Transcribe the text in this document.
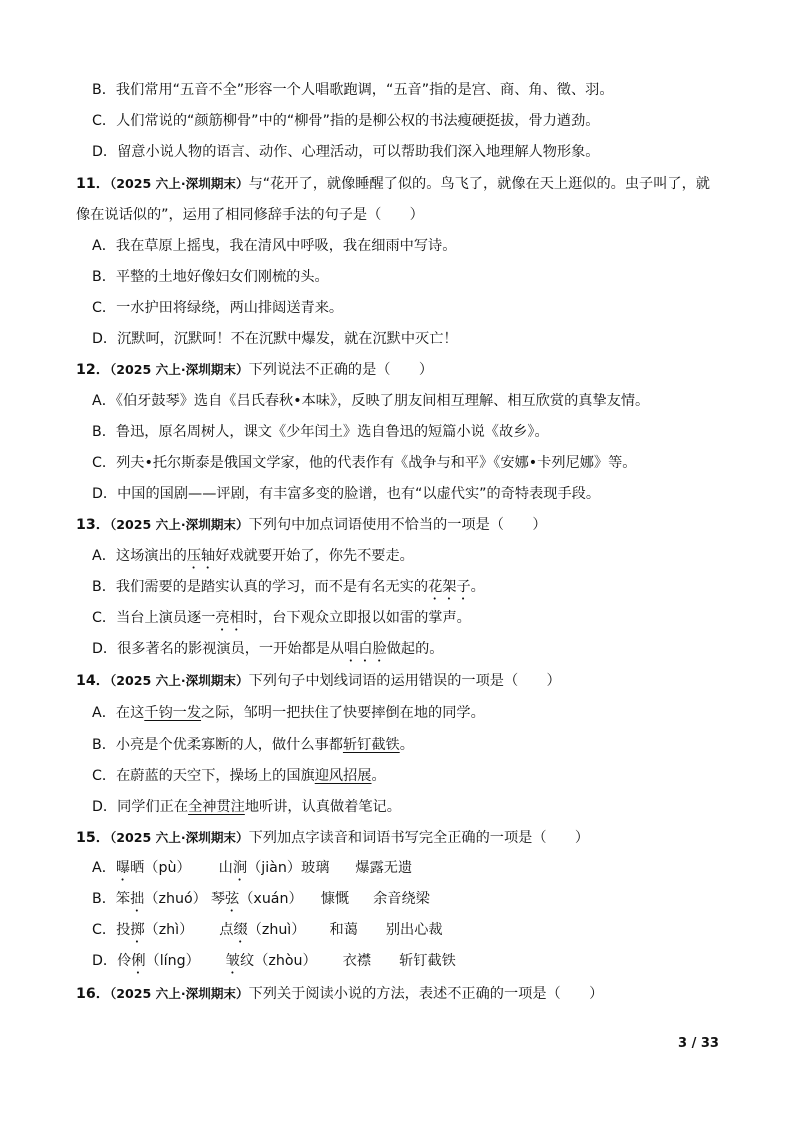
B．我们常用“五音不全”形容一个人唱歌跑调，“五音”指的是宫、商、角、徵、羽。
C．人们常说的“颜筋柳骨”中的“柳骨”指的是柳公权的书法瘦硬挺拔，骨力遒劲。
D．留意小说人物的语言、动作、心理活动，可以帮助我们深入地理解人物形象。
11．（2025 六上·深圳期末）与“花开了，就像睡醒了似的。鸟飞了，就像在天上逛似的。虫子叫了，就
像在说话似的”，运用了相同修辞手法的句子是（　　）
A．我在草原上摇曳，我在清风中呼吸，我在细雨中写诗。
B．平整的土地好像妇女们刚梳的头。
C．一水护田将绿绕，两山排闼送青来。
D．沉默呵，沉默呵！不在沉默中爆发，就在沉默中灭亡！
12．（2025 六上·深圳期末）下列说法不正确的是（　　）
A．《伯牙鼓琴》选自《吕氏春秋•本味》，反映了朋友间相互理解、相互欣赏的真挚友情。
B．鲁迅，原名周树人，课文《少年闰土》选自鲁迅的短篇小说《故乡》。
C．列夫•托尔斯泰是俄国文学家，他的代表作有《战争与和平》《安娜•卡列尼娜》等。
D．中国的国剧——评剧，有丰富多变的脸谱，也有“以虚代实”的奇特表现手段。
13．（2025 六上·深圳期末）下列句中加点词语使用不恰当的一项是（　　）
A．这场演出的压轴好戏就要开始了，你先不要走。
B．我们需要的是踏实认真的学习，而不是有名无实的花架子。
C．当台上演员逐一亮相时，台下观众立即报以如雷的掌声。
D．很多著名的影视演员，一开始都是从唱白脸做起的。
14．（2025 六上·深圳期末）下列句子中划线词语的运用错误的一项是（　　）
A．在这千钧一发之际，邹明一把扶住了快要摔倒在地的同学。
B．小亮是个优柔寡断的人，做什么事都斩钉截铁。
C．在蔚蓝的天空下，操场上的国旗迎风招展。
D．同学们正在全神贯注地听讲，认真做着笔记。
15．（2025 六上·深圳期末）下列加点字读音和词语书写完全正确的一项是（　　）
A．曝晒（pù） 山涧（jiàn）玻璃 爆露无遗
B．笨拙（zhuó） 琴弦（xuán） 慷慨 余音绕梁
C．投掷（zhì） 点缀（zhuì） 和蔼 别出心裁
D．伶俐（líng） 皱纹（zhòu） 衣襟 斩钉截铁
16．（2025 六上·深圳期末）下列关于阅读小说的方法，表述不正确的一项是（　　）
3 / 33
